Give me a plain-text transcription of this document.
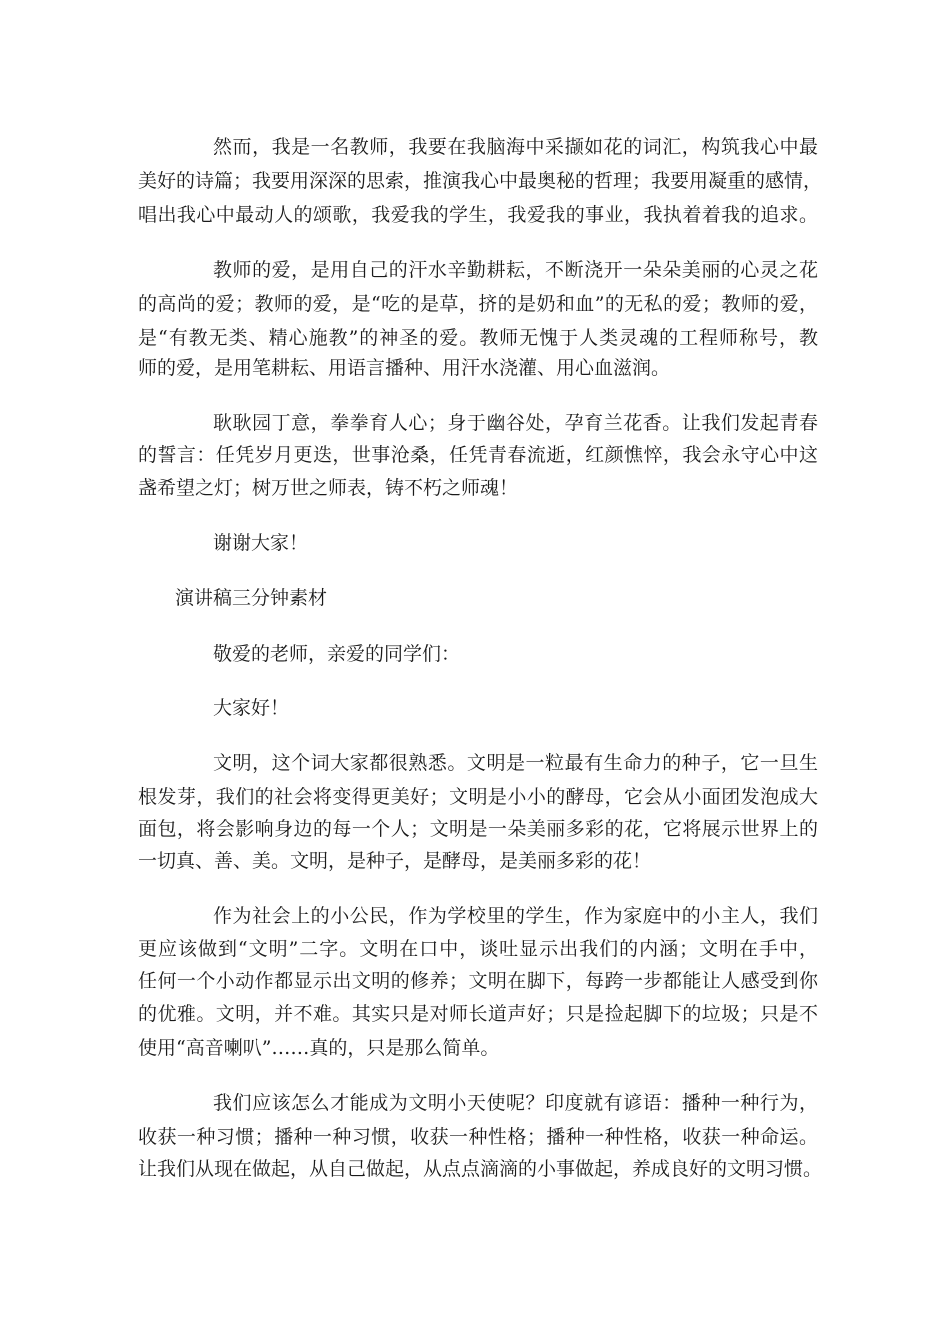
然而，我是一名教师，我要在我脑海中采撷如花的词汇，构筑我心中最
美好的诗篇；我要用深深的思索，推演我心中最奥秘的哲理；我要用凝重的感情，
唱出我心中最动人的颂歌，我爱我的学生，我爱我的事业，我执着着我的追求。
教师的爱，是用自己的汗水辛勤耕耘，不断浇开一朵朵美丽的心灵之花
的高尚的爱；教师的爱，是“吃的是草，挤的是奶和血”的无私的爱；教师的爱，
是“有教无类、精心施教”的神圣的爱。教师无愧于人类灵魂的工程师称号，教
师的爱，是用笔耕耘、用语言播种、用汗水浇灌、用心血滋润。
耿耿园丁意，拳拳育人心；身于幽谷处，孕育兰花香。让我们发起青春
的誓言：任凭岁月更迭，世事沧桑，任凭青春流逝，红颜憔悴，我会永守心中这
盏希望之灯；树万世之师表，铸不朽之师魂！
谢谢大家！
演讲稿三分钟素材
敬爱的老师，亲爱的同学们：
大家好！
文明，这个词大家都很熟悉。文明是一粒最有生命力的种子，它一旦生
根发芽，我们的社会将变得更美好；文明是小小的酵母，它会从小面团发泡成大
面包，将会影响身边的每一个人；文明是一朵美丽多彩的花，它将展示世界上的
一切真、善、美。文明，是种子，是酵母，是美丽多彩的花！
作为社会上的小公民，作为学校里的学生，作为家庭中的小主人，我们
更应该做到“文明”二字。文明在口中，谈吐显示出我们的内涵；文明在手中，
任何一个小动作都显示出文明的修养；文明在脚下，每跨一步都能让人感受到你
的优雅。文明，并不难。其实只是对师长道声好；只是捡起脚下的垃圾；只是不
使用“高音喇叭”……真的，只是那么简单。
我们应该怎么才能成为文明小天使呢？印度就有谚语：播种一种行为，
收获一种习惯；播种一种习惯，收获一种性格；播种一种性格，收获一种命运。
让我们从现在做起，从自己做起，从点点滴滴的小事做起，养成良好的文明习惯。
